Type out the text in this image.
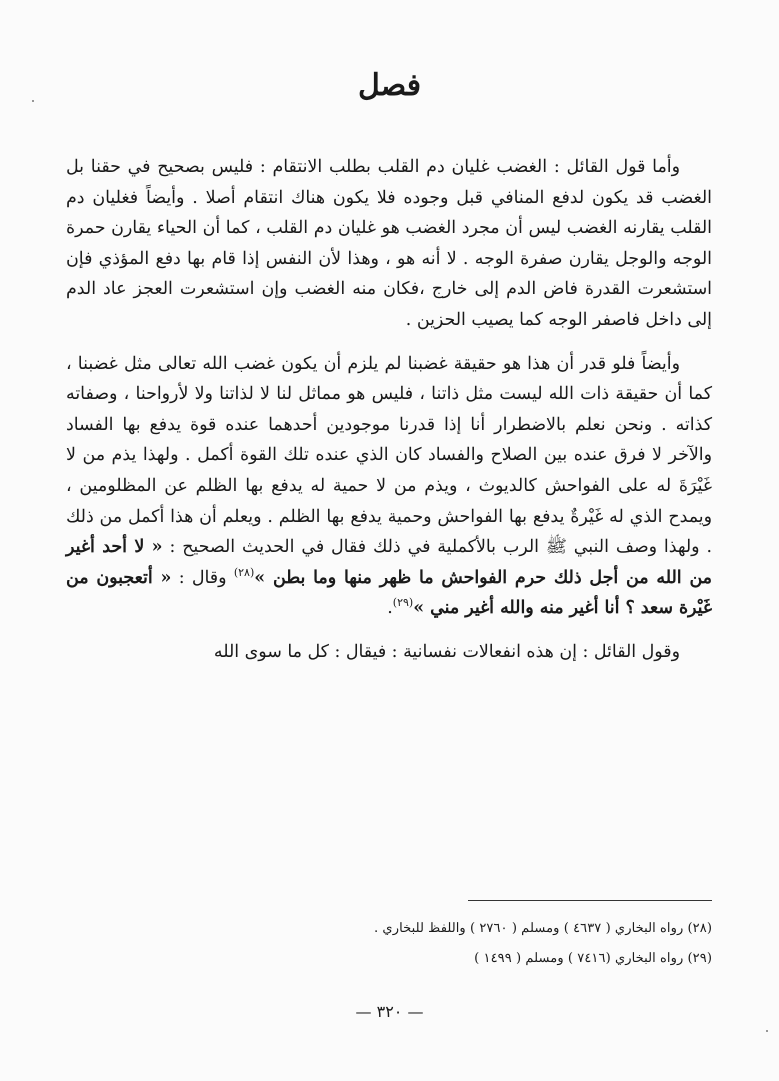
فصل

وأما قول القائل : الغضب غليان دم القلب بطلب الانتقام : فليس بصحيح في حقنا بل الغضب قد يكون لدفع المنافي قبل وجوده فلا يكون هناك انتقام أصلا . وأيضاً فغليان دم القلب يقارنه الغضب ليس أن مجرد الغضب هو غليان دم القلب ، كما أن الحياء يقارن حمرة الوجه والوجل يقارن صفرة الوجه . لا أنه هو ، وهذا لأن النفس إذا قام بها دفع المؤذي فإن استشعرت القدرة فاض الدم إلى خارج ،فكان منه الغضب وإن استشعرت العجز عاد الدم إلى داخل فاصفر الوجه كما يصيب الحزين .

وأيضاً فلو قدر أن هذا هو حقيقة غضبنا لم يلزم أن يكون غضب الله تعالى مثل غضبنا ، كما أن حقيقة ذات الله ليست مثل ذاتنا ، فليس هو مماثل لنا لا لذاتنا ولا لأرواحنا ، وصفاته كذاته . ونحن نعلم بالاضطرار أنا إذا قدرنا موجودين أحدهما عنده قوة يدفع بها الفساد والآخر لا فرق عنده بين الصلاح والفساد كان الذي عنده تلك القوة أكمل . ولهذا يذم من لا غَيْرَةَ له على الفواحش كالديوث ، ويذم من لا حمية له يدفع بها الظلم عن المظلومين ، ويمدح الذي له غَيْرةٌ يدفع بها الفواحش وحمية يدفع بها الظلم . ويعلم أن هذا أكمل من ذلك . ولهذا وصف النبي ﷺ الرب بالأكملية في ذلك فقال في الحديث الصحيح : « لا أحد أغير من الله من أجل ذلك حرم الفواحش ما ظهر منها وما بطن »$^{(٢٨)}$ وقال : « أتعجبون من غَيْرة سعد ؟ أنا أغير منه والله أغير مني »$^{(٢٩)}$.

وقول القائل : إن هذه انفعالات نفسانية : فيقال : كل ما سوى الله

(٢٨) رواه البخاري ( ٤٦٣٧ ) ومسلم ( ٢٧٦٠ ) واللفظ للبخاري .
(٢٩) رواه البخاري (٧٤١٦ ) ومسلم ( ١٤٩٩ )
— ٣٢٠ —
